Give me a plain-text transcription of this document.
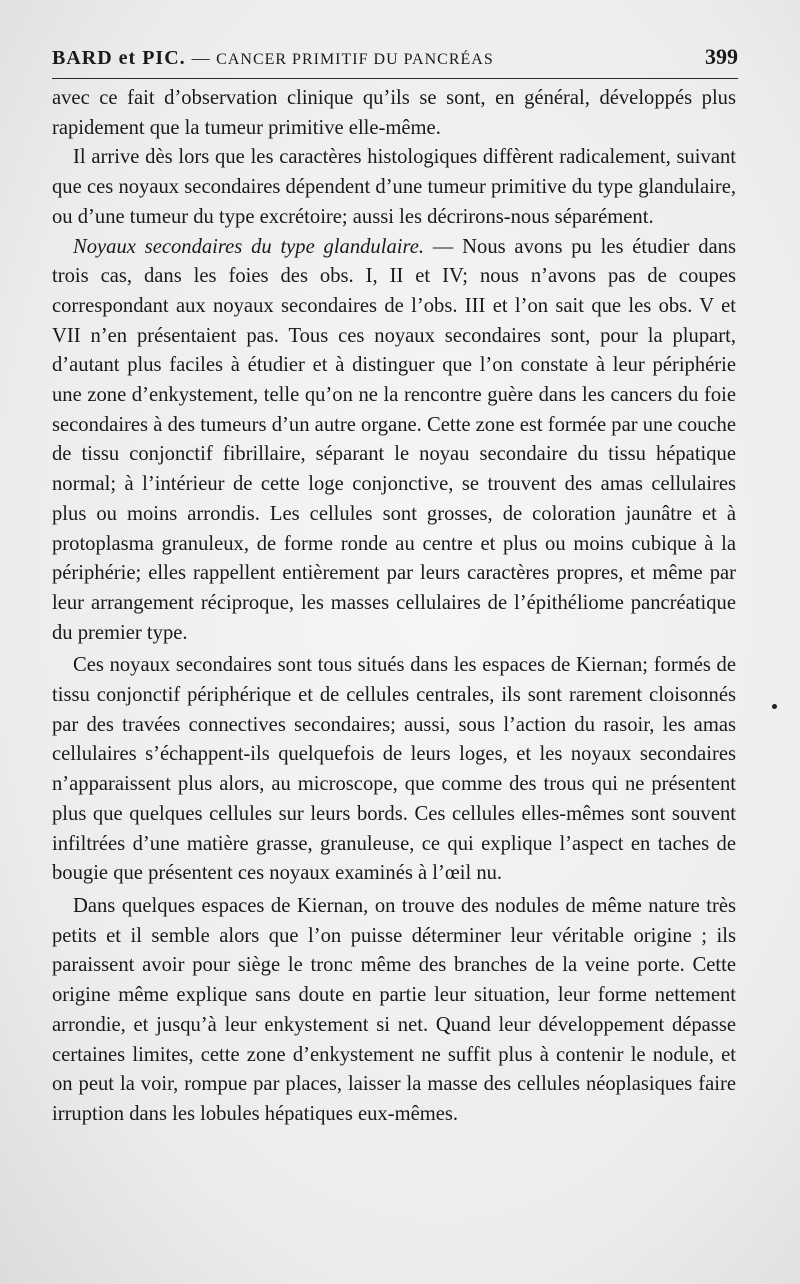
BARD et PIC. — CANCER PRIMITIF DU PANCRÉAS	399

avec ce fait d’observation clinique qu’ils se sont, en général, développés plus rapidement que la tumeur primitive elle-même.

Il arrive dès lors que les caractères histologiques diffèrent radicalement, suivant que ces noyaux secondaires dépendent d’une tumeur primitive du type glandulaire, ou d’une tumeur du type excrétoire; aussi les décrirons-nous séparément.

Noyaux secondaires du type glandulaire. — Nous avons pu les étudier dans trois cas, dans les foies des obs. I, II et IV; nous n’avons pas de coupes correspondant aux noyaux secondaires de l’obs. III et l’on sait que les obs. V et VII n’en présentaient pas. Tous ces noyaux secondaires sont, pour la plupart, d’autant plus faciles à étudier et à distinguer que l’on constate à leur périphérie une zone d’enkystement, telle qu’on ne la rencontre guère dans les cancers du foie secondaires à des tumeurs d’un autre organe. Cette zone est formée par une couche de tissu conjonctif fibrillaire, séparant le noyau secondaire du tissu hépatique normal; à l’intérieur de cette loge conjonctive, se trouvent des amas cellulaires plus ou moins arrondis. Les cellules sont grosses, de coloration jaunâtre et à protoplasma granuleux, de forme ronde au centre et plus ou moins cubique à la périphérie; elles rappellent entièrement par leurs caractères propres, et même par leur arrangement réciproque, les masses cellulaires de l’épithéliome pancréatique du premier type.

Ces noyaux secondaires sont tous situés dans les espaces de Kiernan; formés de tissu conjonctif périphérique et de cellules centrales, ils sont rarement cloisonnés par des travées connectives secondaires; aussi, sous l’action du rasoir, les amas cellulaires s’échappent-ils quelquefois de leurs loges, et les noyaux secondaires n’apparaissent plus alors, au microscope, que comme des trous qui ne présentent plus que quelques cellules sur leurs bords. Ces cellules elles-mêmes sont souvent infiltrées d’une matière grasse, granuleuse, ce qui explique l’aspect en taches de bougie que présentent ces noyaux examinés à l’œil nu.

Dans quelques espaces de Kiernan, on trouve des nodules de même nature très petits et il semble alors que l’on puisse déterminer leur véritable origine ; ils paraissent avoir pour siège le tronc même des branches de la veine porte. Cette origine même explique sans doute en partie leur situation, leur forme nettement arrondie, et jusqu’à leur enkystement si net. Quand leur développement dépasse certaines limites, cette zone d’enkystement ne suffit plus à contenir le nodule, et on peut la voir, rompue par places, laisser la masse des cellules néoplasiques faire irruption dans les lobules hépatiques eux-mêmes.
